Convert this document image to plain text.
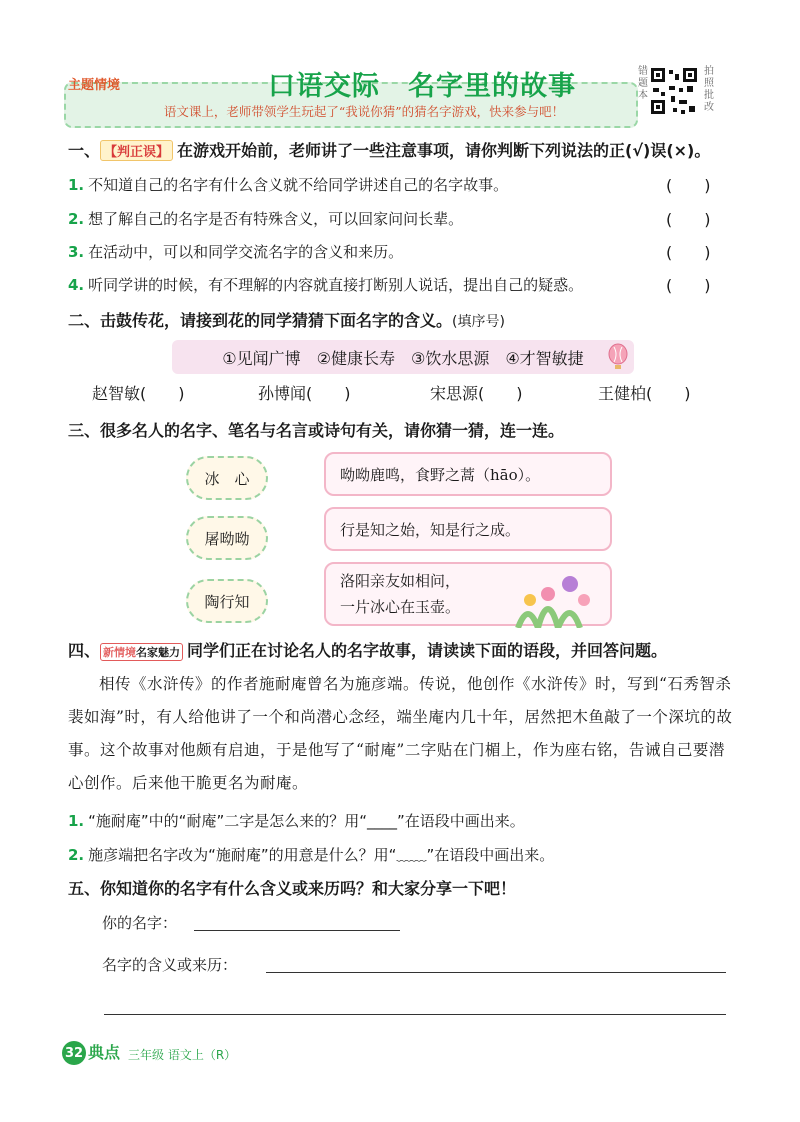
主题情境	口语交际　名字里的故事
语文课上，老师带领学生玩起了“我说你猜”的猜名字游戏，快来参与吧！
错题本
拍照批改
一、 【判正误】 在游戏开始前，老师讲了一些注意事项，请你判断下列说法的正(√)误(×)。
1. 不知道自己的名字有什么含义就不给同学讲述自己的名字故事。	(　　)
2. 想了解自己的名字是否有特殊含义，可以回家问问长辈。	(　　)
3. 在活动中，可以和同学交流名字的含义和来历。	(　　)
4. 听同学讲的时候，有不理解的内容就直接打断别人说话，提出自己的疑惑。	(　　)
二、击鼓传花，请接到花的同学猜猜下面名字的含义。(填序号)
①见闻广博　②健康长寿　③饮水思源　④才智敏捷
赵智敏(　　)	孙博闻(　　)	宋思源(　　)	王健柏(　　)
三、很多名人的名字、笔名与名言或诗句有关，请你猜一猜，连一连。
冰　心
屠呦呦
陶行知
呦呦鹿鸣，食野之蒿（hāo）。
行是知之始，知是行之成。
洛阳亲友如相问，
一片冰心在玉壶。
四、 新情境名家魅力 同学们正在讨论名人的名字故事，请读读下面的语段，并回答问题。
相传《水浒传》的作者施耐庵曾名为施彦端。传说，他创作《水浒传》时，写到“石秀智杀裴如海”时，有人给他讲了一个和尚潜心念经，端坐庵内几十年，居然把木鱼敲了一个深坑的故事。这个故事对他颇有启迪，于是他写了“耐庵”二字贴在门楣上，作为座右铭，告诫自己要潜心创作。后来他干脆更名为耐庵。
1. “施耐庵”中的“耐庵”二字是怎么来的？用“____”在语段中画出来。
2. 施彦端把名字改为“施耐庵”的用意是什么？用“﹏﹏”在语段中画出来。
五、你知道你的名字有什么含义或来历吗？和大家分享一下吧！
你的名字：
名字的含义或来历：
32 典点 三年级 语文上（R）
